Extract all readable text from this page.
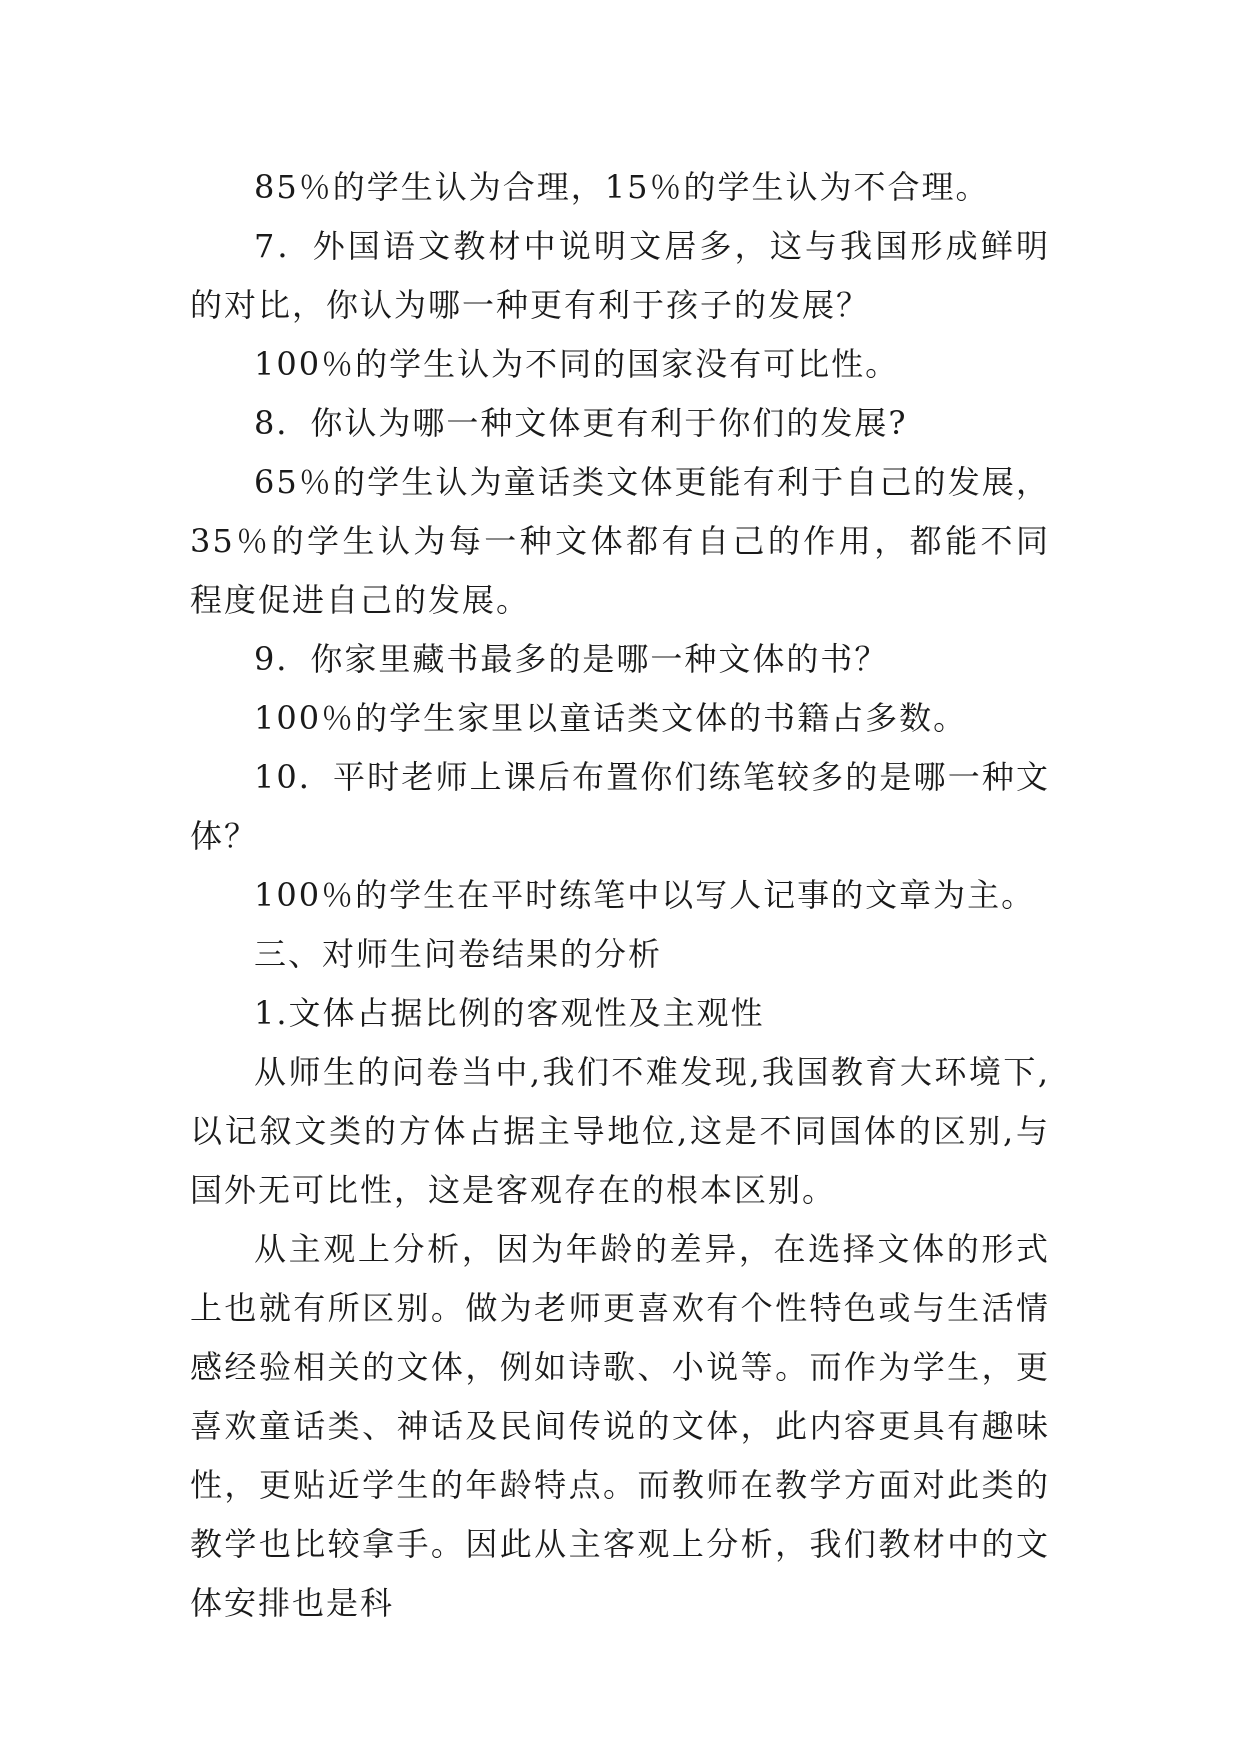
85％的学生认为合理，15％的学生认为不合理。

7．外国语文教材中说明文居多，这与我国形成鲜明的对比，你认为哪一种更有利于孩子的发展？

100％的学生认为不同的国家没有可比性。

8．你认为哪一种文体更有利于你们的发展?

65％的学生认为童话类文体更能有利于自己的发展，35％的学生认为每一种文体都有自己的作用，都能不同程度促进自己的发展。

9．你家里藏书最多的是哪一种文体的书？

100％的学生家里以童话类文体的书籍占多数。

10．平时老师上课后布置你们练笔较多的是哪一种文体？

100％的学生在平时练笔中以写人记事的文章为主。

三、对师生问卷结果的分析

1.文体占据比例的客观性及主观性

从师生的问卷当中,我们不难发现,我国教育大环境下,以记叙文类的方体占据主导地位,这是不同国体的区别,与国外无可比性，这是客观存在的根本区别。

从主观上分析，因为年龄的差异，在选择文体的形式上也就有所区别。做为老师更喜欢有个性特色或与生活情感经验相关的文体，例如诗歌、小说等。而作为学生，更喜欢童话类、神话及民间传说的文体，此内容更具有趣味性，更贴近学生的年龄特点。而教师在教学方面对此类的教学也比较拿手。因此从主客观上分析，我们教材中的文体安排也是科
